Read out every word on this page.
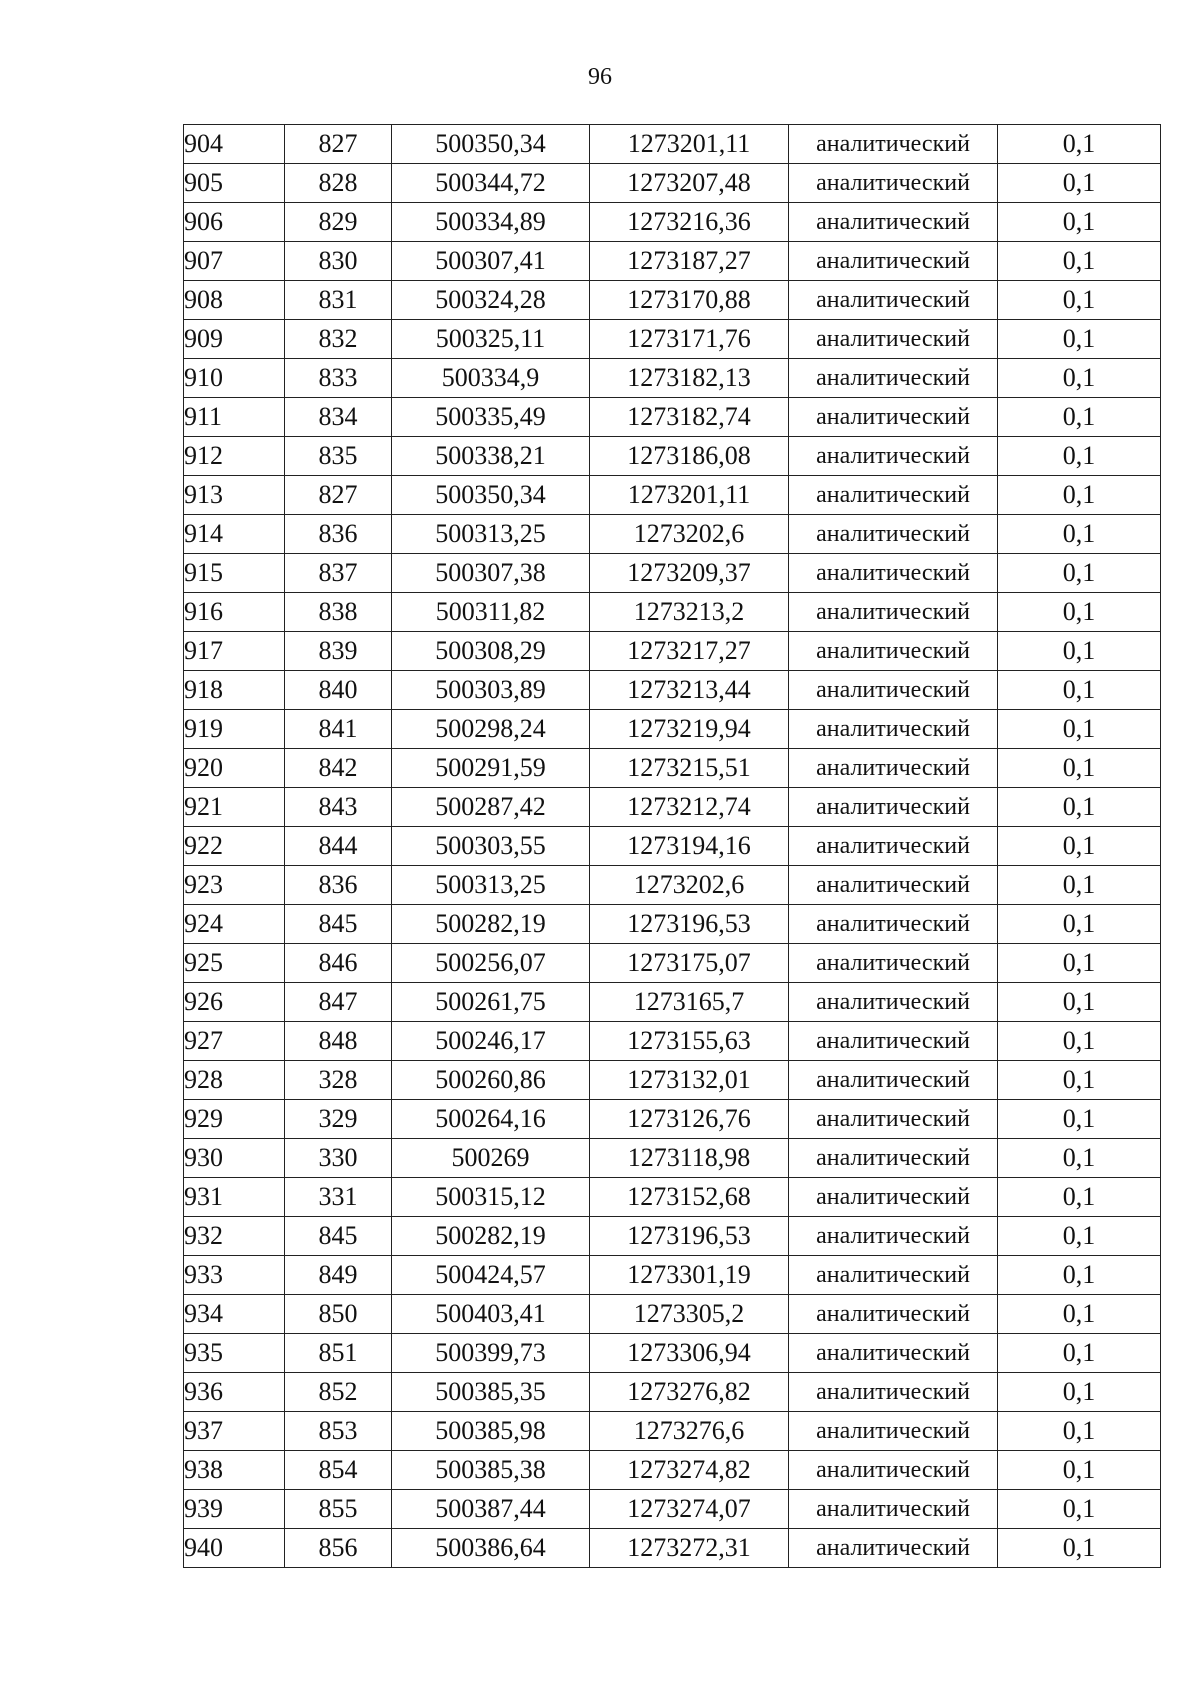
96
904	827	500350,34	1273201,11	аналитический	0,1
905	828	500344,72	1273207,48	аналитический	0,1
906	829	500334,89	1273216,36	аналитический	0,1
907	830	500307,41	1273187,27	аналитический	0,1
908	831	500324,28	1273170,88	аналитический	0,1
909	832	500325,11	1273171,76	аналитический	0,1
910	833	500334,9	1273182,13	аналитический	0,1
911	834	500335,49	1273182,74	аналитический	0,1
912	835	500338,21	1273186,08	аналитический	0,1
913	827	500350,34	1273201,11	аналитический	0,1
914	836	500313,25	1273202,6	аналитический	0,1
915	837	500307,38	1273209,37	аналитический	0,1
916	838	500311,82	1273213,2	аналитический	0,1
917	839	500308,29	1273217,27	аналитический	0,1
918	840	500303,89	1273213,44	аналитический	0,1
919	841	500298,24	1273219,94	аналитический	0,1
920	842	500291,59	1273215,51	аналитический	0,1
921	843	500287,42	1273212,74	аналитический	0,1
922	844	500303,55	1273194,16	аналитический	0,1
923	836	500313,25	1273202,6	аналитический	0,1
924	845	500282,19	1273196,53	аналитический	0,1
925	846	500256,07	1273175,07	аналитический	0,1
926	847	500261,75	1273165,7	аналитический	0,1
927	848	500246,17	1273155,63	аналитический	0,1
928	328	500260,86	1273132,01	аналитический	0,1
929	329	500264,16	1273126,76	аналитический	0,1
930	330	500269	1273118,98	аналитический	0,1
931	331	500315,12	1273152,68	аналитический	0,1
932	845	500282,19	1273196,53	аналитический	0,1
933	849	500424,57	1273301,19	аналитический	0,1
934	850	500403,41	1273305,2	аналитический	0,1
935	851	500399,73	1273306,94	аналитический	0,1
936	852	500385,35	1273276,82	аналитический	0,1
937	853	500385,98	1273276,6	аналитический	0,1
938	854	500385,38	1273274,82	аналитический	0,1
939	855	500387,44	1273274,07	аналитический	0,1
940	856	500386,64	1273272,31	аналитический	0,1
